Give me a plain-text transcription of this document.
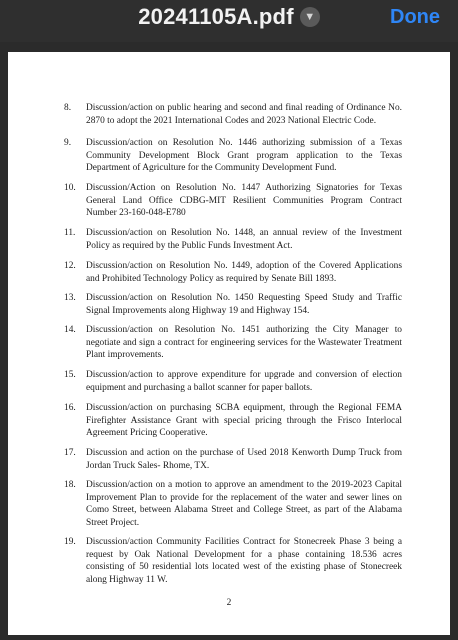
20241105A.pdf ▼	Done
8. Discussion/action on public hearing and second and final reading of Ordinance No. 2870 to adopt the 2021 International Codes and 2023 National Electric Code.
9. Discussion/action on Resolution No. 1446 authorizing submission of a Texas Community Development Block Grant program application to the Texas Department of Agriculture for the Community Development Fund.
10. Discussion/Action on Resolution No. 1447 Authorizing Signatories for Texas General Land Office CDBG-MIT Resilient Communities Program Contract Number 23-160-048-E780
11. Discussion/action on Resolution No. 1448, an annual review of the Investment Policy as required by the Public Funds Investment Act.
12. Discussion/action on Resolution No. 1449, adoption of the Covered Applications and Prohibited Technology Policy as required by Senate Bill 1893.
13. Discussion/action on Resolution No. 1450 Requesting Speed Study and Traffic Signal Improvements along Highway 19 and Highway 154.
14. Discussion/action on Resolution No. 1451 authorizing the City Manager to negotiate and sign a contract for engineering services for the Wastewater Treatment Plant improvements.
15. Discussion/action to approve expenditure for upgrade and conversion of election equipment and purchasing a ballot scanner for paper ballots.
16. Discussion/action on purchasing SCBA equipment, through the Regional FEMA Firefighter Assistance Grant with special pricing through the Frisco Interlocal Agreement Pricing Cooperative.
17. Discussion and action on the purchase of Used 2018 Kenworth Dump Truck from Jordan Truck Sales- Rhome, TX.
18. Discussion/action on a motion to approve an amendment to the 2019-2023 Capital Improvement Plan to provide for the replacement of the water and sewer lines on Como Street, between Alabama Street and College Street, as part of the Alabama Street Project.
19. Discussion/action Community Facilities Contract for Stonecreek Phase 3 being a request by Oak National Development for a phase containing 18.536 acres consisting of 50 residential lots located west of the existing phase of Stonecreek along Highway 11 W.
2
